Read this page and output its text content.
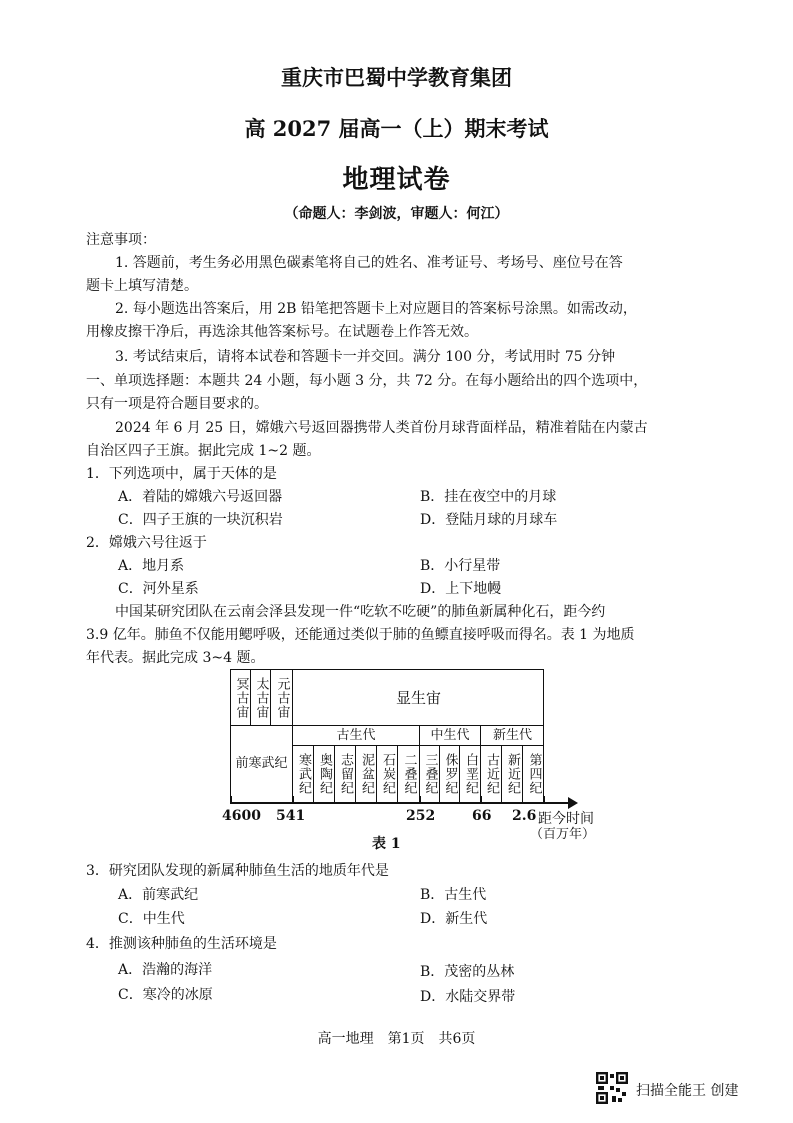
重庆市巴蜀中学教育集团
高 2027 届高一（上）期末考试
地理试卷
（命题人：李剑波，审题人：何江）
注意事项：
1. 答题前，考生务必用黑色碳素笔将自己的姓名、准考证号、考场号、座位号在答
题卡上填写清楚。
2. 每小题选出答案后，用 2B 铅笔把答题卡上对应题目的答案标号涂黑。如需改动，
用橡皮擦干净后，再选涂其他答案标号。在试题卷上作答无效。
3. 考试结束后，请将本试卷和答题卡一并交回。满分 100 分，考试用时 75 分钟
一、单项选择题：本题共 24 小题，每小题 3 分，共 72 分。在每小题给出的四个选项中，
只有一项是符合题目要求的。
2024 年 6 月 25 日，嫦娥六号返回器携带人类首份月球背面样品，精准着陆在内蒙古
自治区四子王旗。据此完成 1~2 题。
1．下列选项中，属于天体的是
A．着陆的嫦娥六号返回器	B．挂在夜空中的月球
C．四子王旗的一块沉积岩	D．登陆月球的月球车
2．嫦娥六号往返于
A．地月系	B．小行星带
C．河外星系	D．上下地幔
中国某研究团队在云南会泽县发现一件“吃软不吃硬”的肺鱼新属种化石，距今约
3.9 亿年。肺鱼不仅能用鳃呼吸，还能通过类似于肺的鱼鳔直接呼吸而得名。表 1 为地质
年代表。据此完成 3~4 题。
冥古宙 太古宙 元古宙	显生宙
前寒武纪
古生代	中生代	新生代
寒武纪 奥陶纪 志留纪 泥盆纪 石炭纪 二叠纪 三叠纪 侏罗纪 白垩纪 古近纪 新近纪 第四纪
4600 541	252	66 2.6 距今时间
（百万年）
表 1
3．研究团队发现的新属种肺鱼生活的地质年代是
A．前寒武纪	B．古生代
C．中生代	D．新生代
4．推测该种肺鱼的生活环境是
A．浩瀚的海洋	B．茂密的丛林
C．寒冷的冰原	D．水陆交界带
高一地理　第1页　共6页
扫描全能王 创建
